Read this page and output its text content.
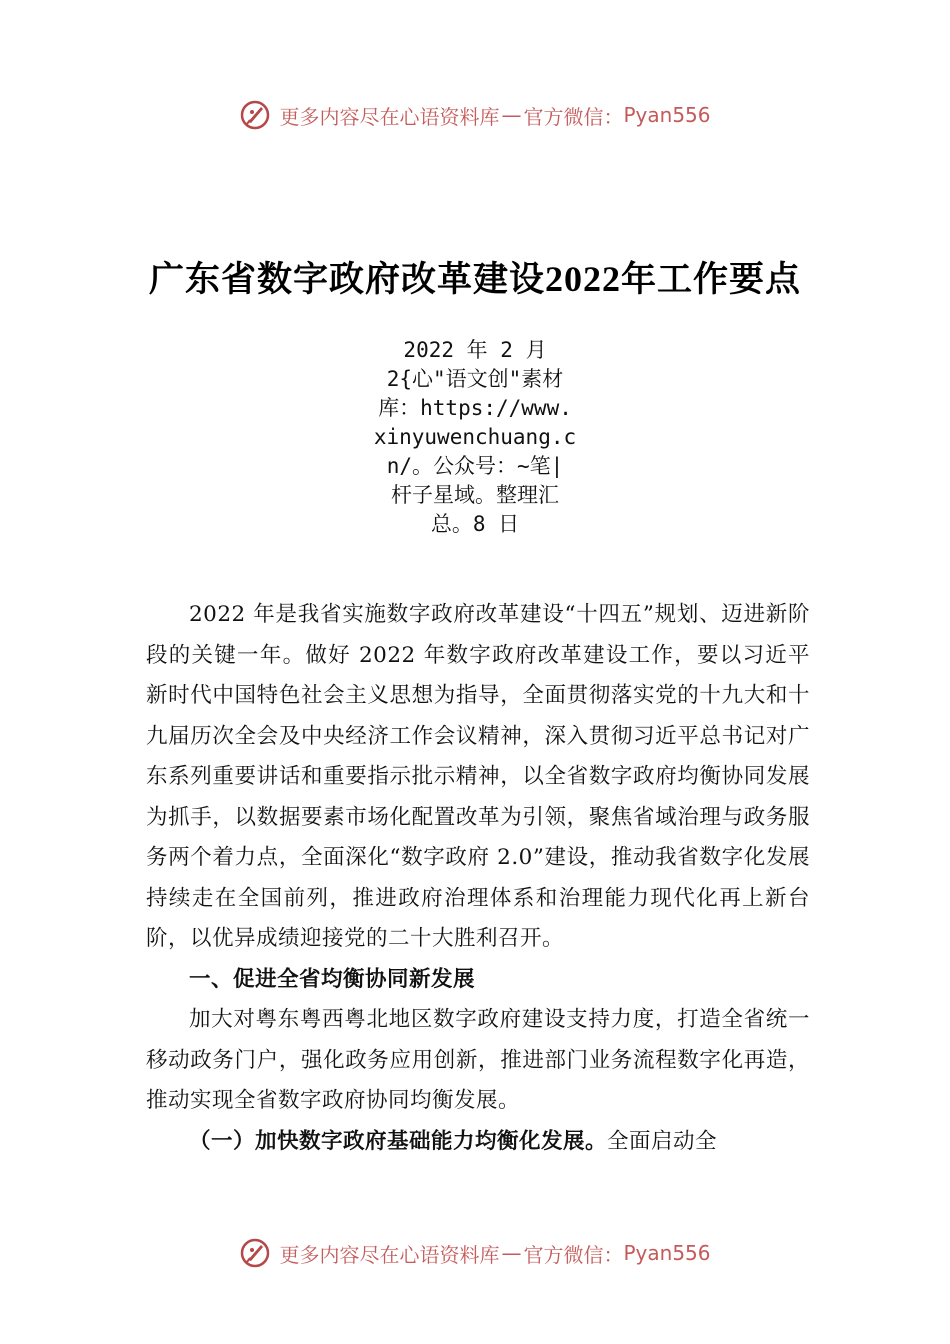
更多内容尽在心语资料库 — 官方微信： Pyan556
广东省数字政府改革建设2022年工作要点
2022 年 2 月
2{心"语文创"素材
库：https://www.
xinyuwenchuang.c
n/。公众号：~笔|
杆子星域。整理汇
总。8 日

2022 年是我省实施数字政府改革建设“十四五”规划、迈进新阶段的关键一年。做好 2022 年数字政府改革建设工作，要以习近平新时代中国特色社会主义思想为指导，全面贯彻落实党的十九大和十九届历次全会及中央经济工作会议精神，深入贯彻习近平总书记对广东系列重要讲话和重要指示批示精神，以全省数字政府均衡协同发展为抓手，以数据要素市场化配置改革为引领，聚焦省域治理与政务服务两个着力点，全面深化“数字政府 2.0”建设，推动我省数字化发展持续走在全国前列，推进政府治理体系和治理能力现代化再上新台阶，以优异成绩迎接党的二十大胜利召开。

一、促进全省均衡协同新发展

加大对粤东粤西粤北地区数字政府建设支持力度，打造全省统一移动政务门户，强化政务应用创新，推进部门业务流程数字化再造，推动实现全省数字政府协同均衡发展。

（一）加快数字政府基础能力均衡化发展。全面启动全

更多内容尽在心语资料库 — 官方微信： Pyan556
